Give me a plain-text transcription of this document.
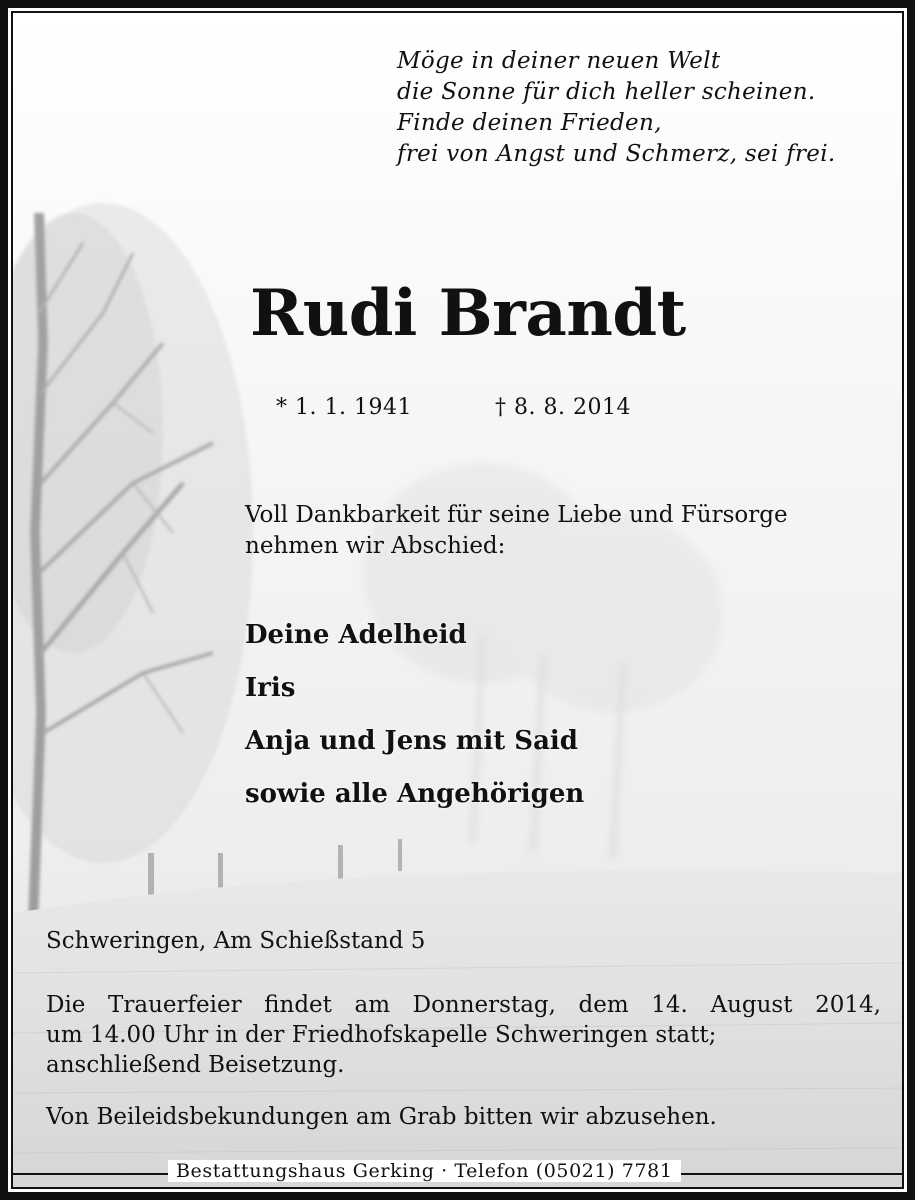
Möge in deiner neuen Welt
die Sonne für dich heller scheinen.
Finde deinen Frieden,
frei von Angst und Schmerz, sei frei.
Rudi Brandt
* 1. 1. 1941	† 8. 8. 2014
Voll Dankbarkeit für seine Liebe und Fürsorge
nehmen wir Abschied:
Deine Adelheid
Iris
Anja und Jens mit Said
sowie alle Angehörigen
Schweringen, Am Schießstand 5
Die Trauerfeier findet am Donnerstag, dem 14. August 2014,
um 14.00 Uhr in der Friedhofskapelle Schweringen statt;
anschließend Beisetzung.
Von Beileidsbekundungen am Grab bitten wir abzusehen.
Bestattungshaus Gerking · Telefon (05021) 7781
